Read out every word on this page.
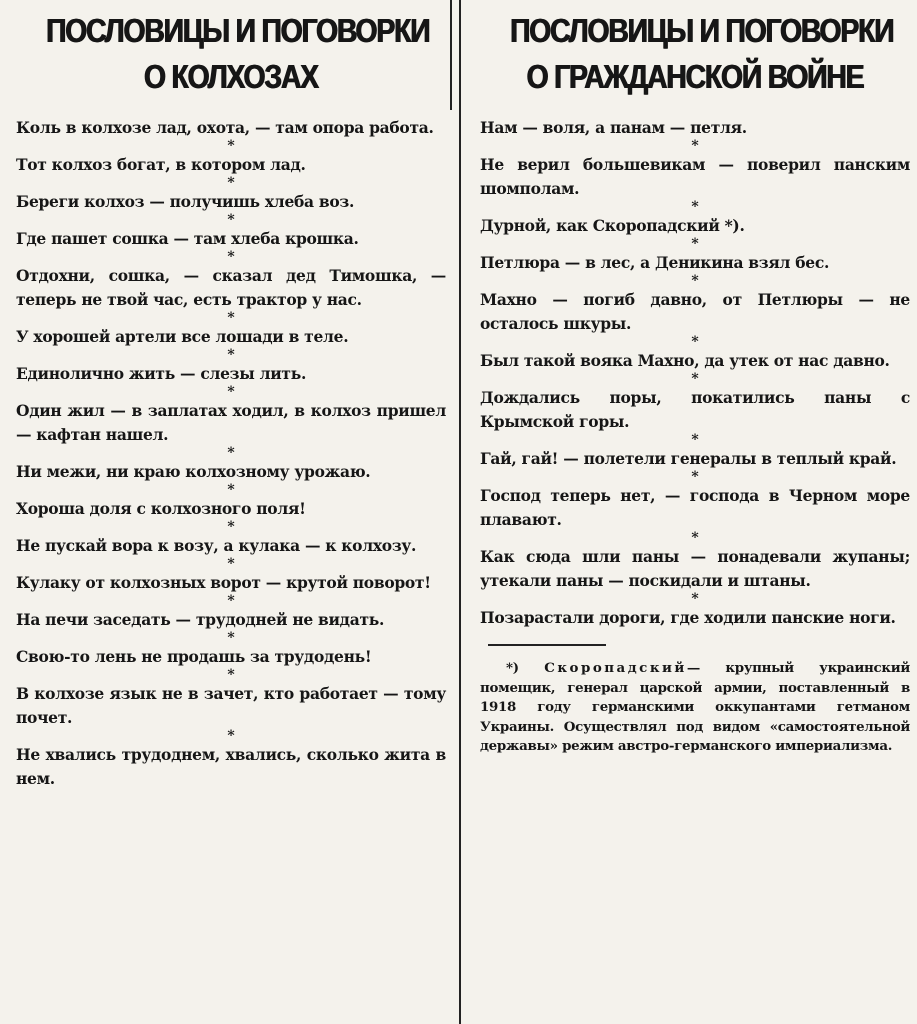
ПОСЛОВИЦЫ И ПОГОВОРКИ
О КОЛХОЗАХ

Коль в колхозе лад, охота, — там опора работа.

*

Тот колхоз богат, в котором лад.

*

Береги колхоз — получишь хлеба воз.

*

Где пашет сошка — там хлеба крошка.

*

Отдохни, сошка, — сказал дед Тимошка, — теперь не твой час, есть трактор у нас.

*

У хорошей артели все лошади в теле.

*

Единолично жить — слезы лить.

*

Один жил — в заплатах ходил, в колхоз пришел — кафтан нашел.

*

Ни межи, ни краю колхозному урожаю.

*

Хороша доля с колхозного поля!

*

Не пускай вора к возу, а кулака — к колхозу.

*

Кулаку от колхозных ворот — крутой поворот!

*

На печи заседать — трудодней не видать.

*

Свою-то лень не продашь за трудодень!

*

В колхозе язык не в зачет, кто работает — тому почет.

*

Не хвались трудоднем, хвались, сколько жита в нем.

ПОСЛОВИЦЫ И ПОГОВОРКИ
О ГРАЖДАНСКОЙ ВОЙНЕ

Нам — воля, а панам — петля.

*

Не верил большевикам — поверил панским шомполам.

*

Дурной, как Скоропадский *).

*

Петлюра — в лес, а Деникина взял бес.

*

Махно — погиб давно, от Петлюры — не осталось шкуры.

*

Был такой вояка Махно, да утек от нас давно.

*

Дождались поры, покатились паны с Крымской горы.

*

Гай, гай! — полетели генералы в теплый край.

*

Господ теперь нет, — господа в Черном море плавают.

*

Как сюда шли паны — понадевали жупаны; утекали паны — поскидали и штаны.

*

Позарастали дороги, где ходили панские ноги.

*) Скоропадский— крупный украинский помещик, генерал царской армии, поставленный в 1918 году германскими оккупантами гетманом Украины. Осуществлял под видом «самостоятельной державы» режим австро-германского империализма.
